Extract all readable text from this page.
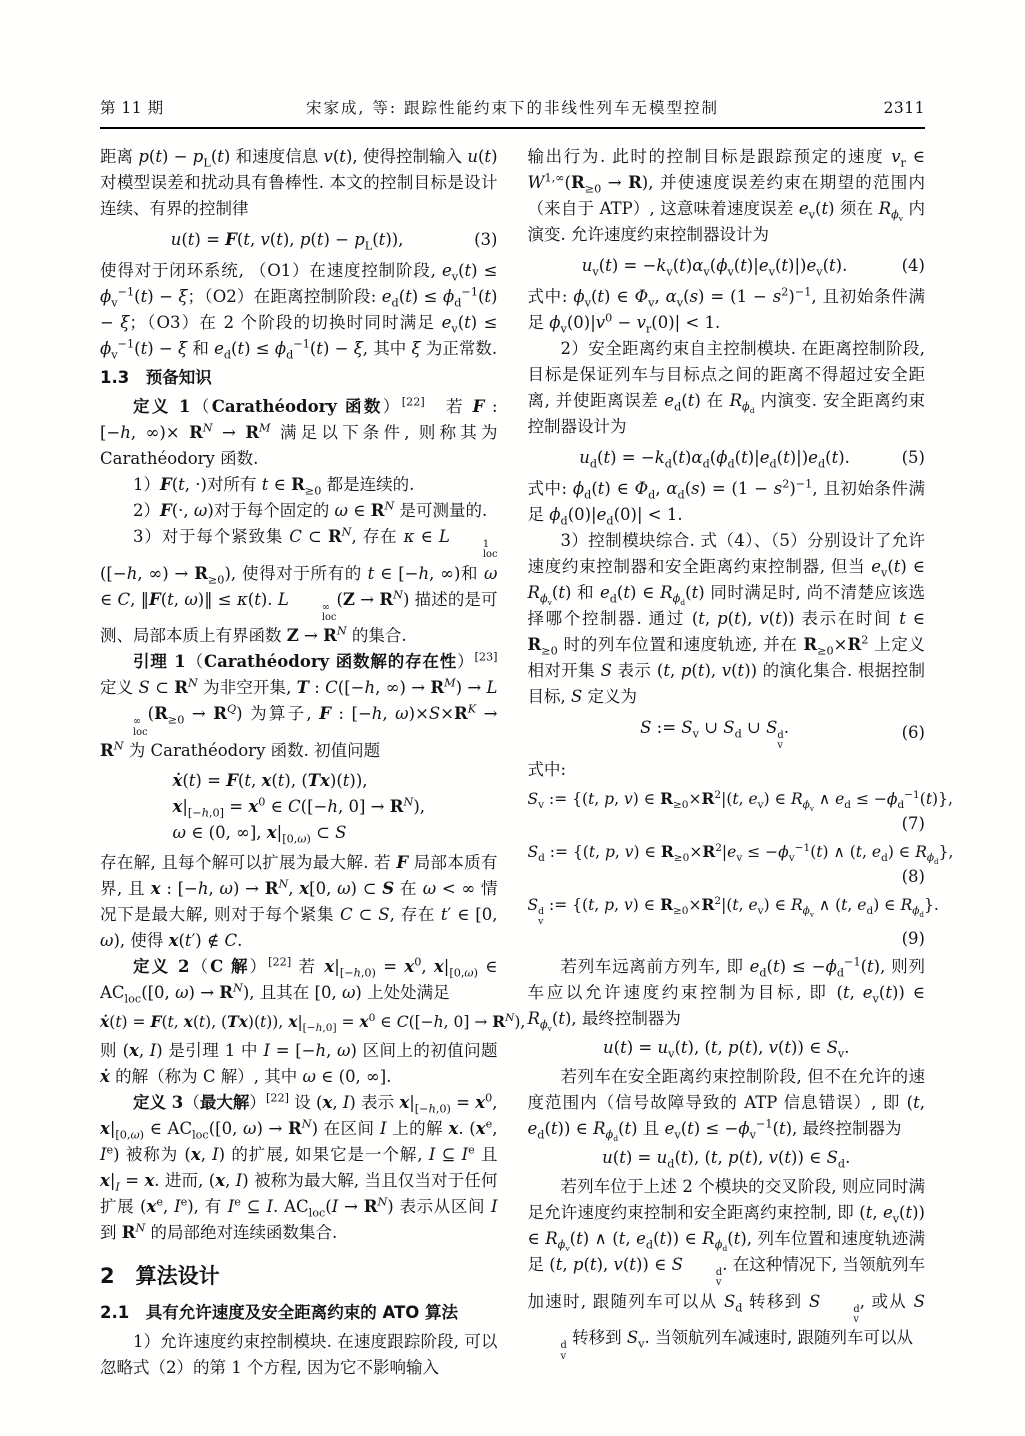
第 11 期	宋家成, 等: 跟踪性能约束下的非线性列车无模型控制	2311

距离 $p(t) - p_L(t)$ 和速度信息 v(t), 使得控制输入 u(t) 对模型误差和扰动具有鲁棒性. 本文的控制目标是设计连续、有界的控制律

u(t) = F(t, v(t), $p(t) - p_L(t)$),	(3)

使得对于闭环系统, （O1）在速度控制阶段, $e_v(t) \le \phi_v^{-1}(t) - \xi$；（O2）在距离控制阶段: $e_d(t) \le \phi_d^{-1}(t) - \xi$；（O3）在 2 个阶段的切换时同时满足 $e_v(t) \le \phi_v^{-1}(t) - \xi$ 和 $e_d(t) \le \phi_d^{-1}(t) - \xi$, 其中 ξ 为正常数.

1.3　预备知识

定义 1（Carathéodory 函数）[22]　若 F : [−h, ∞)× $R^N \to R^M$ 满足以下条件, 则称其为 Carathéodory 函数.

1）F(t, ·)对所有 t ∈ $R_{\ge 0}$ 都是连续的.

2）F(·, ω)对于每个固定的 ω ∈ $R^N$ 是可测量的.

3）对于每个紧致集 C ⊂ $R^N$, 存在 κ ∈ L	1
loc
([−h, ∞) → $R_{\ge 0}$), 使得对于所有的 t ∈ [−h, ∞)和 ω ∈ C, ‖F(t, ω)‖ ≤ κ(t). L	∞
loc
$(Z \to R^N)$ 描述的是可测、局部本质上有界函数 $Z \to R^N$ 的集合.

引理 1（Carathéodory 函数解的存在性）[23] 定义 S ⊂ $R^N$ 为非空开集, T : C([−h, ∞) → $R^M) \to L$
∞
loc
$(R_{\ge 0} \to R^Q)$ 为算子, F : [−h, $\omega)\times S\times R^K \to R^N$ 为 Carathéodory 函数. 初值问题

ẋ(t) = F(t, x(t), (Tx)(t)),
$x|_{[-h,0]} = x^0$ ∈ C([−h, $0] \to R^N$),
ω ∈ (0, ∞], $x|_{[0,\omega)}$ ⊂ S

存在解, 且每个解可以扩展为最大解. 若 F 局部本质有界, 且 x : [−h, $\omega) \to R^N$, x[0, ω) ⊂ S 在 ω < ∞ 情况下是最大解, 则对于每个紧集 C ⊂ S, 存在 t′ ∈ [0, ω), 使得 x(t′) ∉ C.

定义 2（C 解）[22] 若 $x|_{[-h,0)} = x^0$, $x|_{[0,\omega)}$ ∈ $AC_{loc}([0$, $\omega) \to R^N$), 且其在 [0, ω) 上处处满足

ẋ(t) = F(t, x(t), (Tx)(t)), $x|_{[-h,0]} = x^0$ ∈ C([−h, $0] \to R^N$),

则 (x, I) 是引理 1 中 I = [−h, ω) 区间上的初值问题 ẋ 的解（称为 C 解）, 其中 ω ∈ (0, ∞].

定义 3（最大解）[22] 设 (x, I) 表示 $x|_{[-h,0)} = x^0$, $x|_{[0,\omega)}$ ∈ $AC_{loc}([0$, $\omega) \to R^N$) 在区间 I 上的解 x. ($x^e$, Ie) 被称为 (x, I) 的扩展, 如果它是一个解, I ⊆ Ie 且 $x|_I = x$. 进而, (x, I) 被称为最大解, 当且仅当对于任何扩展 ($x^e$, Ie), 有 Ie ⊆ I. $AC_{loc}(I \to R^N)$ 表示从区间 I 到 $R^N$ 的局部绝对连续函数集合.

2　算法设计
2.1　具有允许速度及安全距离约束的 ATO 算法

1）允许速度约束控制模块. 在速度跟踪阶段, 可以忽略式（2）的第 1 个方程, 因为它不影响输入

输出行为. 此时的控制目标是跟踪预定的速度 $v_r$ ∈ $W^{1,\infty}(R_{\ge 0} \to R)$, 并使速度误差约束在期望的范围内（来自于 ATP）, 这意味着速度误差 $e_v(t)$ 须在 $R_{\phi_v}$ 内演变. 允许速度约束控制器设计为

$u_v(t) = -k_v(t)\alpha_v(\phi_v(t)|e_v(t)|)e_v(t)$.	(4)

式中: $\phi_v(t)$ ∈ $\Phi_v$, $\alpha_v(s) = (1 - s^2)^{-1}$, 且初始条件满足 $\phi_v(0)|v^0 - v_r(0)| < 1$.

2）安全距离约束自主控制模块. 在距离控制阶段, 目标是保证列车与目标点之间的距离不得超过安全距离, 并使距离误差 $e_d(t)$ 在 $R_{\phi_d}$ 内演变. 安全距离约束控制器设计为

$u_d(t) = -k_d(t)\alpha_d(\phi_d(t)|e_d(t)|)e_d(t)$.	(5)

式中: $\phi_d(t)$ ∈ $\Phi_d$, $\alpha_d(s) = (1 - s^2)^{-1}$, 且初始条件满足 $\phi_d(0)|e_d(0)| < 1$.

3）控制模块综合. 式（4）、（5）分别设计了允许速度约束控制器和安全距离约束控制器, 但当 $e_v(t)$ ∈ $R_{\phi_v}(t)$ 和 $e_d(t)$ ∈ $R_{\phi_d}(t)$ 同时满足时, 尚不清楚应该选择哪个控制器. 通过 (t, p(t), v(t)) 表示在时间 t ∈ $R_{\ge 0}$ 时的列车位置和速度轨迹, 并在 $R_{\ge 0}\times R^2$ 上定义相对开集 S 表示 (t, p(t), v(t)) 的演化集合. 根据控制目标, S 定义为

S := $S_v$ ∪ $S_d$ ∪ S d
v
.	(6)

式中:

$S_v$ := {(t, p, v) ∈ $R_{\ge 0}\times R^2|(t$, $e_v$) ∈ $R_{\phi_v}$ ∧ $e_d \le -\phi_d^{-1}(t)$},
(7)
$S_d$ := {(t, p, v) ∈ $R_{\ge 0}\times R^2|e_v \le -\phi_v^{-1}(t)$ ∧ (t, $e_d$) ∈ $R_{\phi_d}$},
(8)
S d
v
:= {(t, p, v) ∈ $R_{\ge 0}\times R^2|(t$, $e_v$) ∈ $R_{\phi_v}$ ∧ (t, $e_d$) ∈ $R_{\phi_d}$}.
(9)

若列车远离前方列车, 即 $e_d(t) \le -\phi_d^{-1}(t)$, 则列车应以允许速度约束控制为目标, 即 (t, $e_v(t)$) ∈ $R_{\phi_v}(t)$, 最终控制器为

$u(t) = u_v(t)$, (t, p(t), v(t)) ∈ $S_v$.

若列车在安全距离约束控制阶段, 但不在允许的速度范围内（信号故障导致的 ATP 信息错误）, 即 (t, $e_d(t)$) ∈ $R_{\phi_d}(t)$ 且 $e_v(t) \le -\phi_v^{-1}(t)$, 最终控制器为

$u(t) = u_d(t)$, (t, p(t), v(t)) ∈ $S_d$.

若列车位于上述 2 个模块的交叉阶段, 则应同时满足允许速度约束控制和安全距离约束控制, 即 (t, $e_v(t)$) ∈ $R_{\phi_v}(t)$ ∧ (t, $e_d(t)$) ∈ $R_{\phi_d}(t)$, 列车位置和速度轨迹满足 (t, p(t), v(t)) ∈ S	d
v
. 在这种情况下, 当领航列车加速时, 跟随列车可以从 $S_d$ 转移到 S	d
v
, 或从 S
d
v
转移到 $S_v$. 当领航列车减速时, 跟随列车可以从
